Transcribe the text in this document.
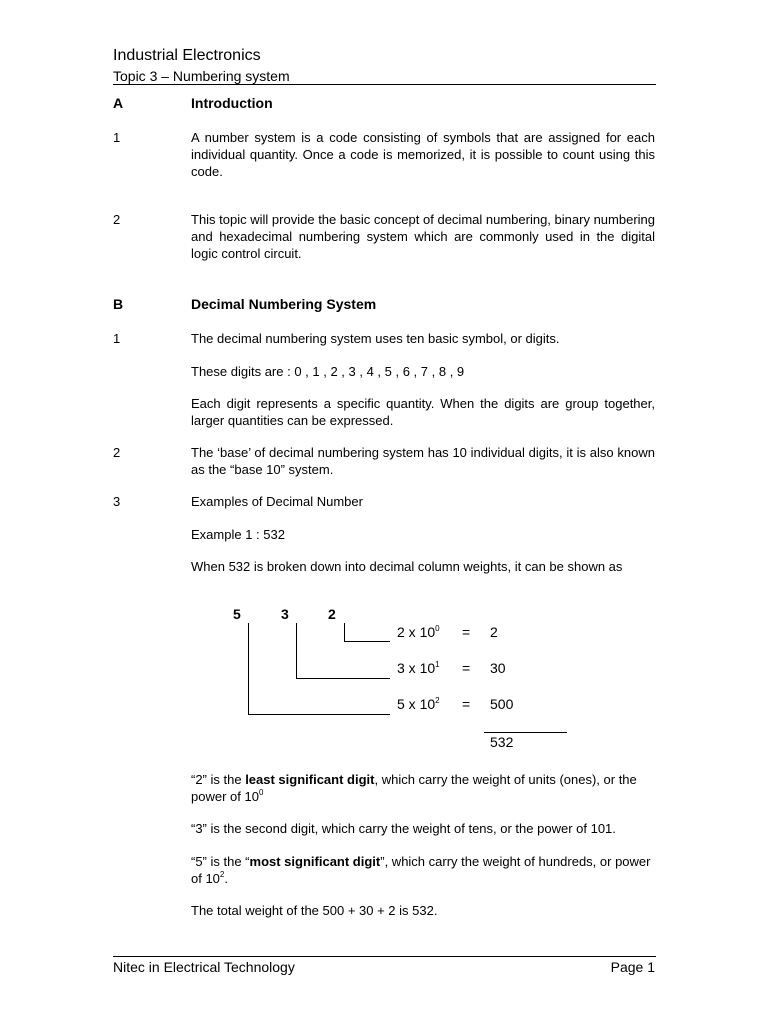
Industrial Electronics
Topic 3 – Numbering system
A	Introduction
1	A number system is a code consisting of symbols that are assigned for each individual quantity. Once a code is memorized, it is possible to count using this code.
2	This topic will provide the basic concept of decimal numbering, binary numbering and hexadecimal numbering system which are commonly used in the digital logic control circuit.
B	Decimal Numbering System
1	The decimal numbering system uses ten basic symbol, or digits.
These digits are : 0 , 1 , 2 , 3 , 4 , 5 , 6 , 7 , 8 , 9
Each digit represents a specific quantity. When the digits are group together, larger quantities can be expressed.
2	The ‘base’ of decimal numbering system has 10 individual digits, it is also known as the “base 10” system.
3	Examples of Decimal Number
Example 1 : 532
When 532 is broken down into decimal column weights, it can be shown as
5	3	2
2 x $10^0 = 2$
3 x $10^1 = 30$
5 x $10^2 = 500$
532
“2” is the least significant digit, which carry the weight of units (ones), or the power of $10^0$
“3” is the second digit, which carry the weight of tens, or the power of 101.
“5” is the “most significant digit”, which carry the weight of hundreds, or power of $10^2$.
The total weight of the 500 + 30 + 2 is 532.
Nitec in Electrical Technology	Page 1
